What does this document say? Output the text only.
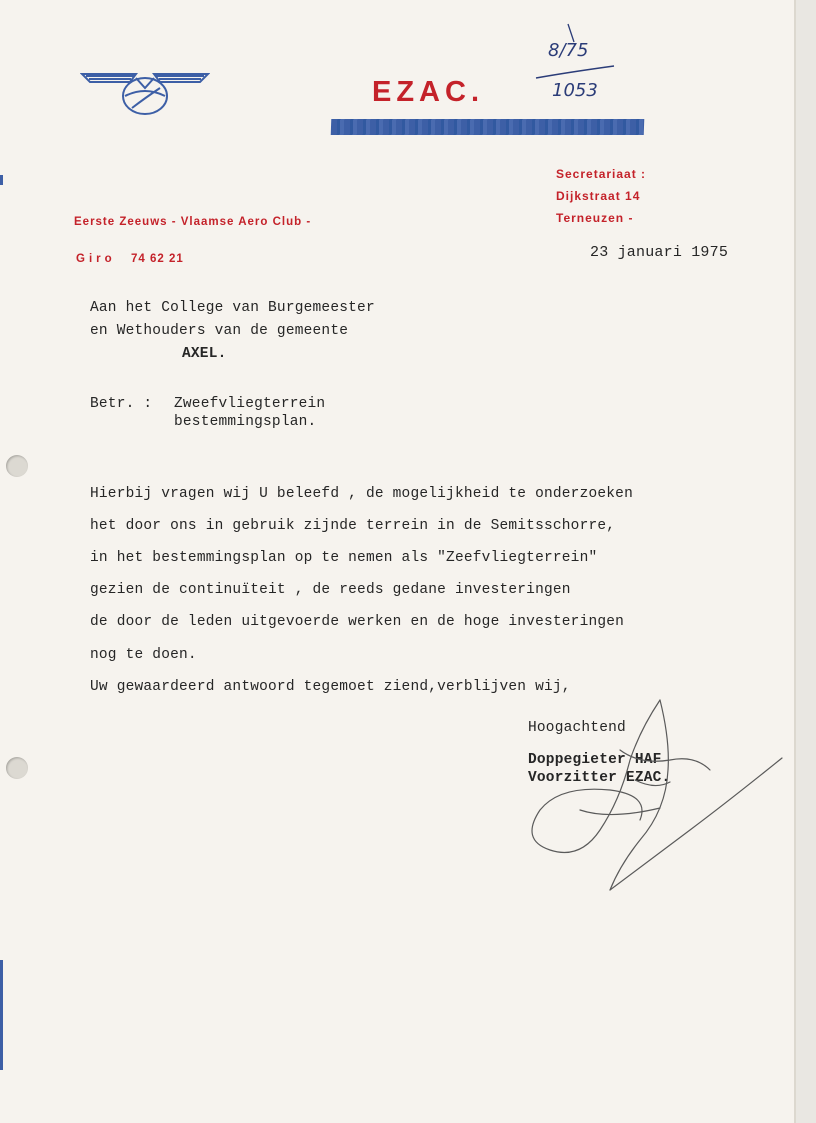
EZAC.
8/75
1053
Secretariaat :
Dijkstraat 14
Terneuzen -
Eerste Zeeuws - Vlaamse Aero Club -
Giro 74 62 21	23 januari 1975
Aan het College van Burgemeester
en Wethouders van de gemeente
AXEL.
Betr. : Zweefvliegterrein
bestemmingsplan.
Hierbij vragen wij U beleefd , de mogelijkheid te onderzoeken
het door ons in gebruik zijnde terrein in de Semitsschorre,
in het bestemmingsplan op te nemen als "Zeefvliegterrein"
gezien de continuïteit , de reeds gedane investeringen
de door de leden uitgevoerde werken en de hoge investeringen
nog te doen.
Uw gewaardeerd antwoord tegemoet ziend,verblijven wij,
Hoogachtend
Doppegieter HAF
Voorzitter EZAC.
